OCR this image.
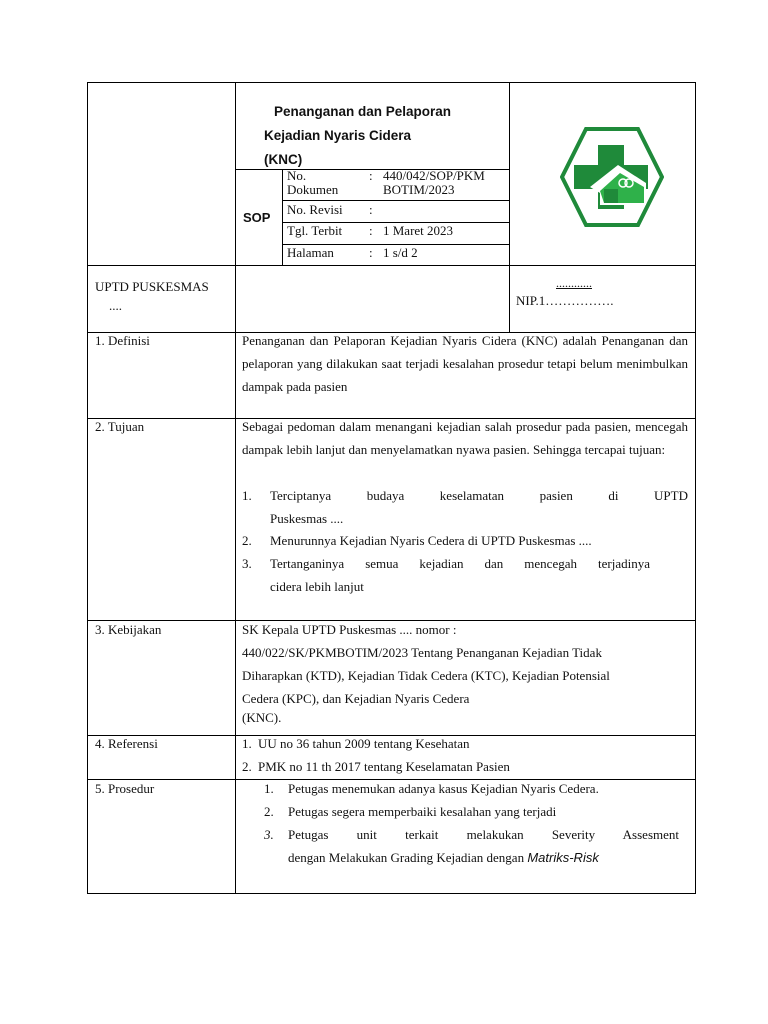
Penanganan dan Pelaporan
Kejadian Nyaris Cidera
(KNC)
SOP
No.
Dokumen
: 440/042/SOP/PKM
BOTIM/2023
No. Revisi	:
Tgl. Terbit	: 1 Maret 2023
Halaman	: 1 s/d 2
UPTD PUSKESMAS
....
............
NIP.1…………….
1. Definisi	Penanganan dan Pelaporan Kejadian Nyaris Cidera (KNC) adalah Penanganan dan pelaporan yang dilakukan saat terjadi kesalahan prosedur tetapi belum menimbulkan dampak pada pasien
2. Tujuan	Sebagai pedoman dalam menangani kejadian salah prosedur pada pasien, mencegah dampak lebih lanjut dan menyelamatkan nyawa pasien. Sehingga tercapai tujuan:
1.	Terciptanya budaya keselamatan pasien di UPTD
Puskesmas ....
2.	Menurunnya Kejadian Nyaris Cedera di UPTD Puskesmas ....
3.	Tertanganinya semua kejadian dan mencegah terjadinya
cidera lebih lanjut
3. Kebijakan	SK Kepala UPTD Puskesmas .... nomor :
440/022/SK/PKMBOTIM/2023 Tentang Penanganan Kejadian Tidak
Diharapkan (KTD), Kejadian Tidak Cedera (KTC), Kejadian Potensial
Cedera (KPC), dan Kejadian Nyaris Cedera
(KNC).
4. Referensi	1. UU no 36 tahun 2009 tentang Kesehatan
2. PMK no 11 th 2017 tentang Keselamatan Pasien
5. Prosedur	1.	Petugas menemukan adanya kasus Kejadian Nyaris Cedera.
2.	Petugas segera memperbaiki kesalahan yang terjadi
3.	Petugas unit terkait melakukan Severity Assesment
dengan Melakukan Grading Kejadian dengan Matriks-Risk
